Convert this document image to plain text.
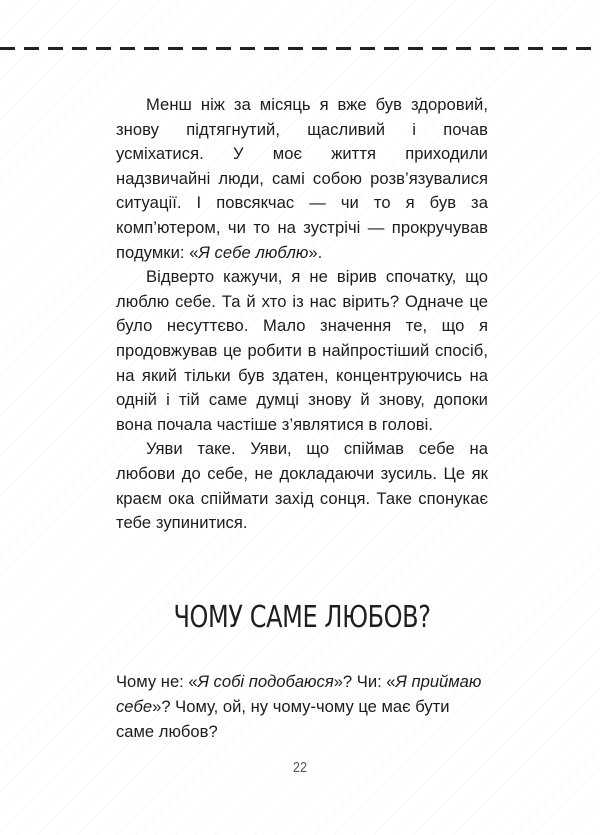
Менш ніж за місяць я вже був здоровий, знову підтягнутий, щасливий і почав усміхатися. У моє життя приходили надзвичайні люди, самі собою розв’язувалися ситуації. І повсякчас — чи то я був за комп’ютером, чи то на зустрічі — прокручував подумки: «Я себе люблю».

Відверто кажучи, я не вірив спочатку, що люблю себе. Та й хто із нас вірить? Одначе це було несуттєво. Мало значення те, що я продовжував це робити в найпростіший спосіб, на який тільки був здатен, концентруючись на одній і тій саме думці знову й знову, допоки вона почала частіше з’являтися в голові.

Уяви таке. Уяви, що спіймав себе на любови до себе, не докладаючи зусиль. Це як краєм ока спіймати захід сонця. Таке спонукає тебе зупинитися.

ЧОМУ САМЕ ЛЮБОВ?

Чому не: «Я собі подобаюся»? Чи: «Я приймаю себе»? Чому, ой, ну чому-чому це має бути саме любов?

22
